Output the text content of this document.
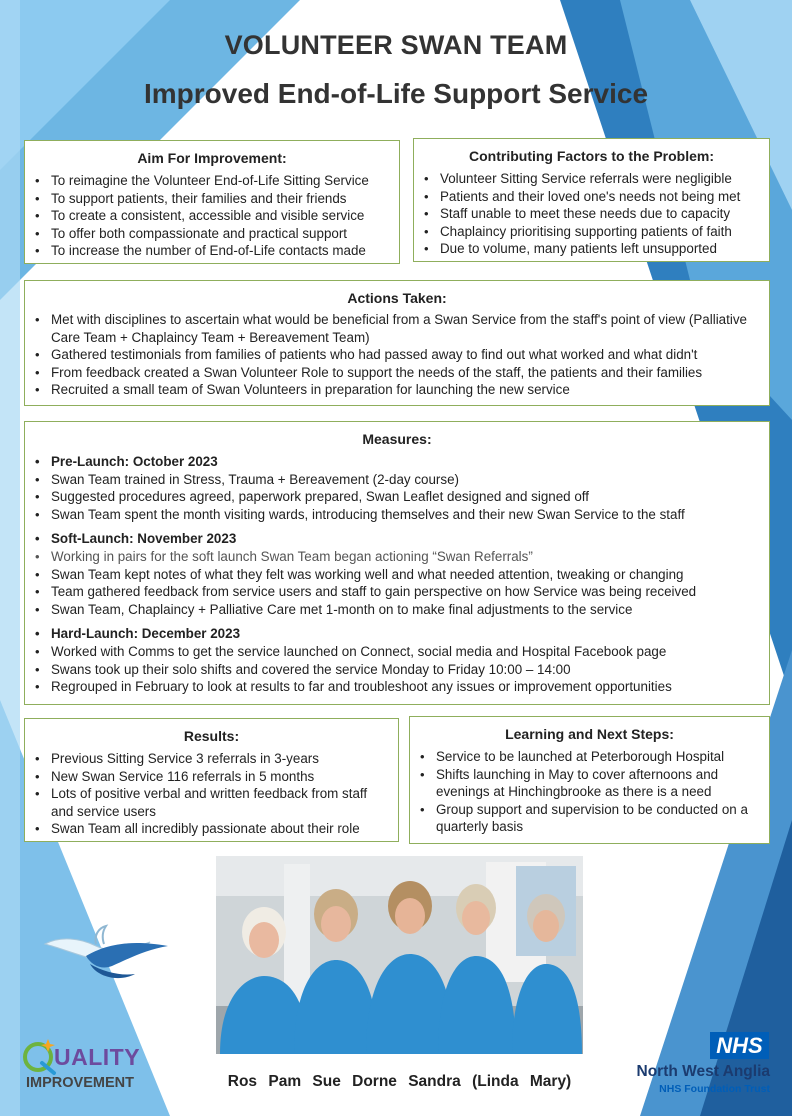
VOLUNTEER SWAN TEAM
Improved End-of-Life Support Service
Aim For Improvement:
• To reimagine the Volunteer End-of-Life Sitting Service
• To support patients, their families and their friends
• To create a consistent, accessible and visible service
• To offer both compassionate and practical support
• To increase the number of End-of-Life contacts made
Contributing Factors to the Problem:
• Volunteer Sitting Service referrals were negligible
• Patients and their loved one's needs not being met
• Staff unable to meet these needs due to capacity
• Chaplaincy prioritising supporting patients of faith
• Due to volume, many patients left unsupported
Actions Taken:
• Met with disciplines to ascertain what would be beneficial from a Swan Service from the staff's point of view (Palliative Care Team + Chaplaincy Team + Bereavement Team)
• Gathered testimonials from families of patients who had passed away to find out what worked and what didn't
• From feedback created a Swan Volunteer Role to support the needs of the staff, the patients and their families
• Recruited a small team of Swan Volunteers in preparation for launching the new service
Measures:
• Pre-Launch: October 2023
• Swan Team trained in Stress, Trauma + Bereavement (2-day course)
• Suggested procedures agreed, paperwork prepared, Swan Leaflet designed and signed off
• Swan Team spent the month visiting wards, introducing themselves and their new Swan Service to the staff
• Soft-Launch: November 2023
• Working in pairs for the soft launch Swan Team began actioning “Swan Referrals”
• Swan Team kept notes of what they felt was working well and what needed attention, tweaking or changing
• Team gathered feedback from service users and staff to gain perspective on how Service was being received
• Swan Team, Chaplaincy + Palliative Care met 1-month on to make final adjustments to the service
• Hard-Launch: December 2023
• Worked with Comms to get the service launched on Connect, social media and Hospital Facebook page
• Swans took up their solo shifts and covered the service Monday to Friday 10:00 – 14:00
• Regrouped in February to look at results to far and troubleshoot any issues or improvement opportunities
Results:
• Previous Sitting Service 3 referrals in 3-years
• New Swan Service 116 referrals in 5 months
• Lots of positive verbal and written feedback from staff and service users
• Swan Team all incredibly passionate about their role
Learning and Next Steps:
• Service to be launched at Peterborough Hospital
• Shifts launching in May to cover afternoons and evenings at Hinchingbrooke as there is a need
• Group support and supervision to be conducted on a quarterly basis
Ros Pam Sue Dorne Sandra (Linda Mary)
UALITY
IMPROVEMENT
NHS
North West Anglia
NHS Foundation Trust
